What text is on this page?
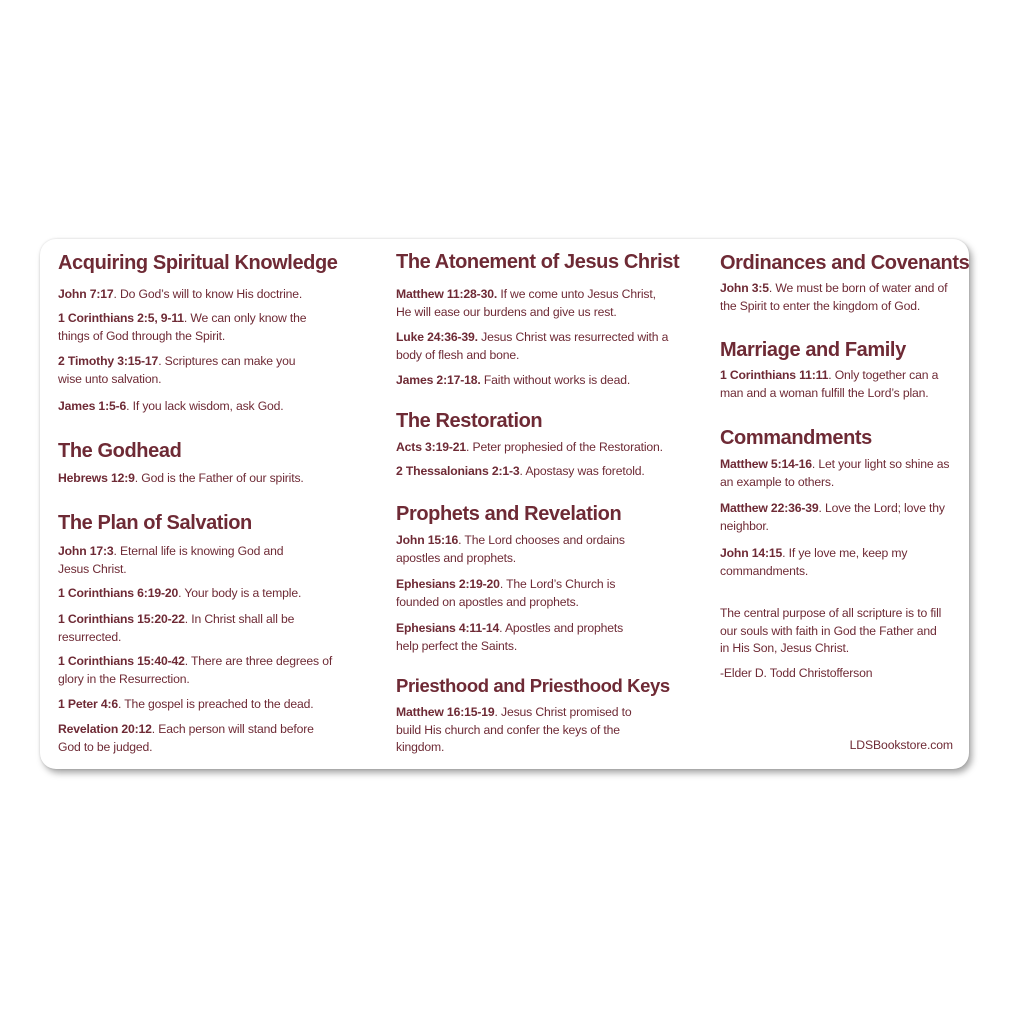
Acquiring Spiritual Knowledge

John 7:17. Do God’s will to know His doctrine.

1 Corinthians 2:5, 9-11. We can only know the things of God through the Spirit.

2 Timothy 3:15-17. Scriptures can make you wise unto salvation.

James 1:5-6. If you lack wisdom, ask God.

The Godhead

Hebrews 12:9. God is the Father of our spirits.

The Plan of Salvation

John 17:3. Eternal life is knowing God and Jesus Christ.

1 Corinthians 6:19-20. Your body is a temple.

1 Corinthians 15:20-22. In Christ shall all be resurrected.

1 Corinthians 15:40-42. There are three degrees of glory in the Resurrection.

1 Peter 4:6. The gospel is preached to the dead.

Revelation 20:12. Each person will stand before God to be judged.

The Atonement of Jesus Christ

Matthew 11:28-30. If we come unto Jesus Christ, He will ease our burdens and give us rest.

Luke 24:36-39. Jesus Christ was resurrected with a body of flesh and bone.

James 2:17-18. Faith without works is dead.

The Restoration

Acts 3:19-21. Peter prophesied of the Restoration.

2 Thessalonians 2:1-3. Apostasy was foretold.

Prophets and Revelation

John 15:16. The Lord chooses and ordains apostles and prophets.

Ephesians 2:19-20. The Lord’s Church is founded on apostles and prophets.

Ephesians 4:11-14. Apostles and prophets help perfect the Saints.

Priesthood and Priesthood Keys

Matthew 16:15-19. Jesus Christ promised to build His church and confer the keys of the kingdom.

Ordinances and Covenants

John 3:5. We must be born of water and of the Spirit to enter the kingdom of God.

Marriage and Family

1 Corinthians 11:11. Only together can a man and a woman fulfill the Lord’s plan.

Commandments

Matthew 5:14-16. Let your light so shine as an example to others.

Matthew 22:36-39. Love the Lord; love thy neighbor.

John 14:15. If ye love me, keep my commandments.

The central purpose of all scripture is to fill our souls with faith in God the Father and in His Son, Jesus Christ.

-Elder D. Todd Christofferson

LDSBookstore.com
